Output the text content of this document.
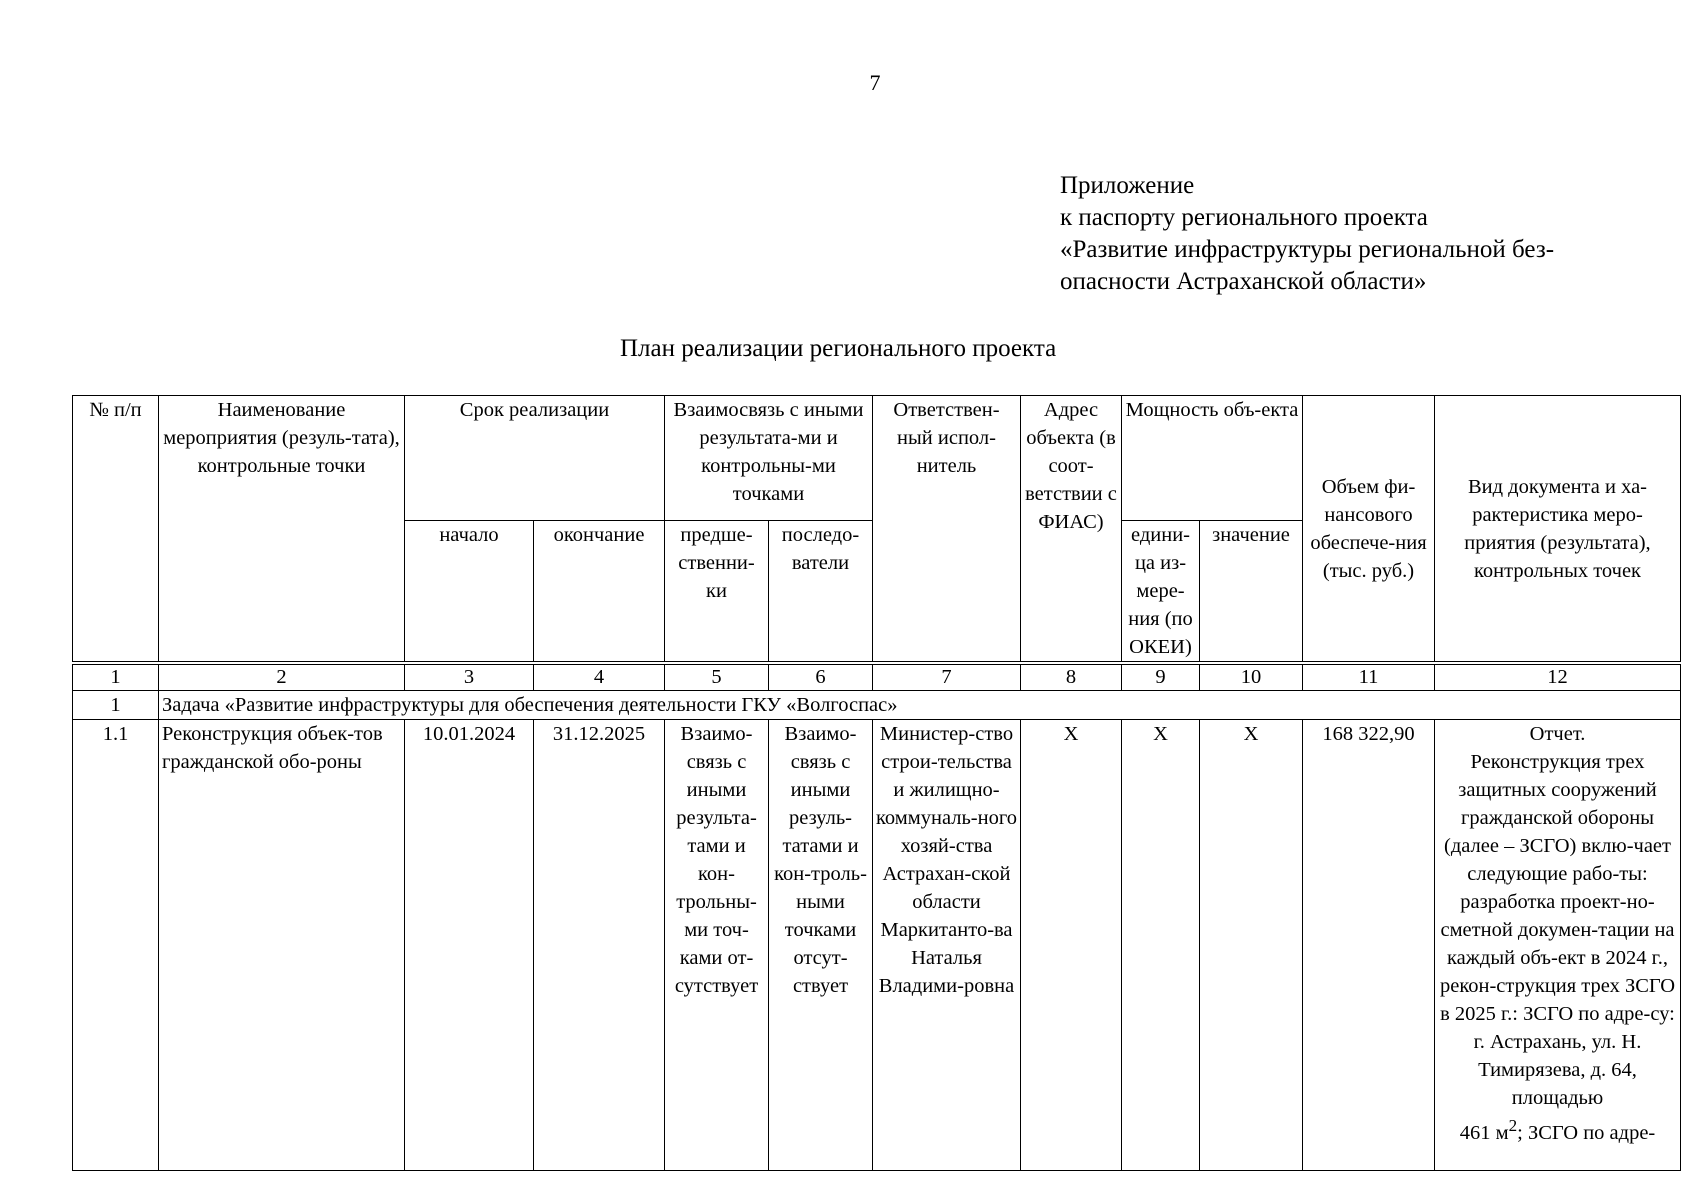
7
Приложение
к паспорту регионального проекта
«Развитие инфраструктуры региональной без-
опасности Астраханской области»
План реализации регионального проекта
№ п/п	Наименование мероприятия (резуль-тата), контрольные точки	Срок реализации		Взаимосвязь с иными результата-ми и контрольны-ми точками		Ответствен-ный испол-нитель	Адрес объекта (в соот-ветствии с ФИАС)	Мощность объ-екта		Объем фи-нансового обеспече-ния (тыс. руб.)	Вид документа и ха-рактеристика меро-приятия (результата), контрольных точек
		начало	окончание	предше-ственни-ки	последо-ватели			едини-ца из-мере-ния (по ОКЕИ)	значение		
1	2	3	4	5	6	7	8	9	10	11	12
1	Задача «Развитие инфраструктуры для обеспечения деятельности ГКУ «Волгоспас»										
1.1	Реконструкция объек-тов гражданской обо-роны	10.01.2024	31.12.2025	Взаимо-связь с иными результа-тами и кон-трольны-ми точ-ками от-сутствует	Взаимо-связь с иными резуль-татами и кон-троль-ными точками отсут-ствует	Министер-ство строи-тельства и жилищно-коммуналь-ного хозяй-ства Астрахан-ской области Маркитанто-ва Наталья Владими-ровна	Х	Х	Х	168 322,90	Отчет.
Реконструкция трех защитных сооружений гражданской обороны (далее – ЗСГО) вклю-чает следующие рабо-ты: разработка проект-но-сметной докумен-тации на каждый объ-ект в 2024 г., рекон-струкция трех ЗСГО в 2025 г.: ЗСГО по адре-су: г. Астрахань, ул. Н. Тимирязева, д. 64, площадью
461 $м^2$; ЗСГО по адре-
